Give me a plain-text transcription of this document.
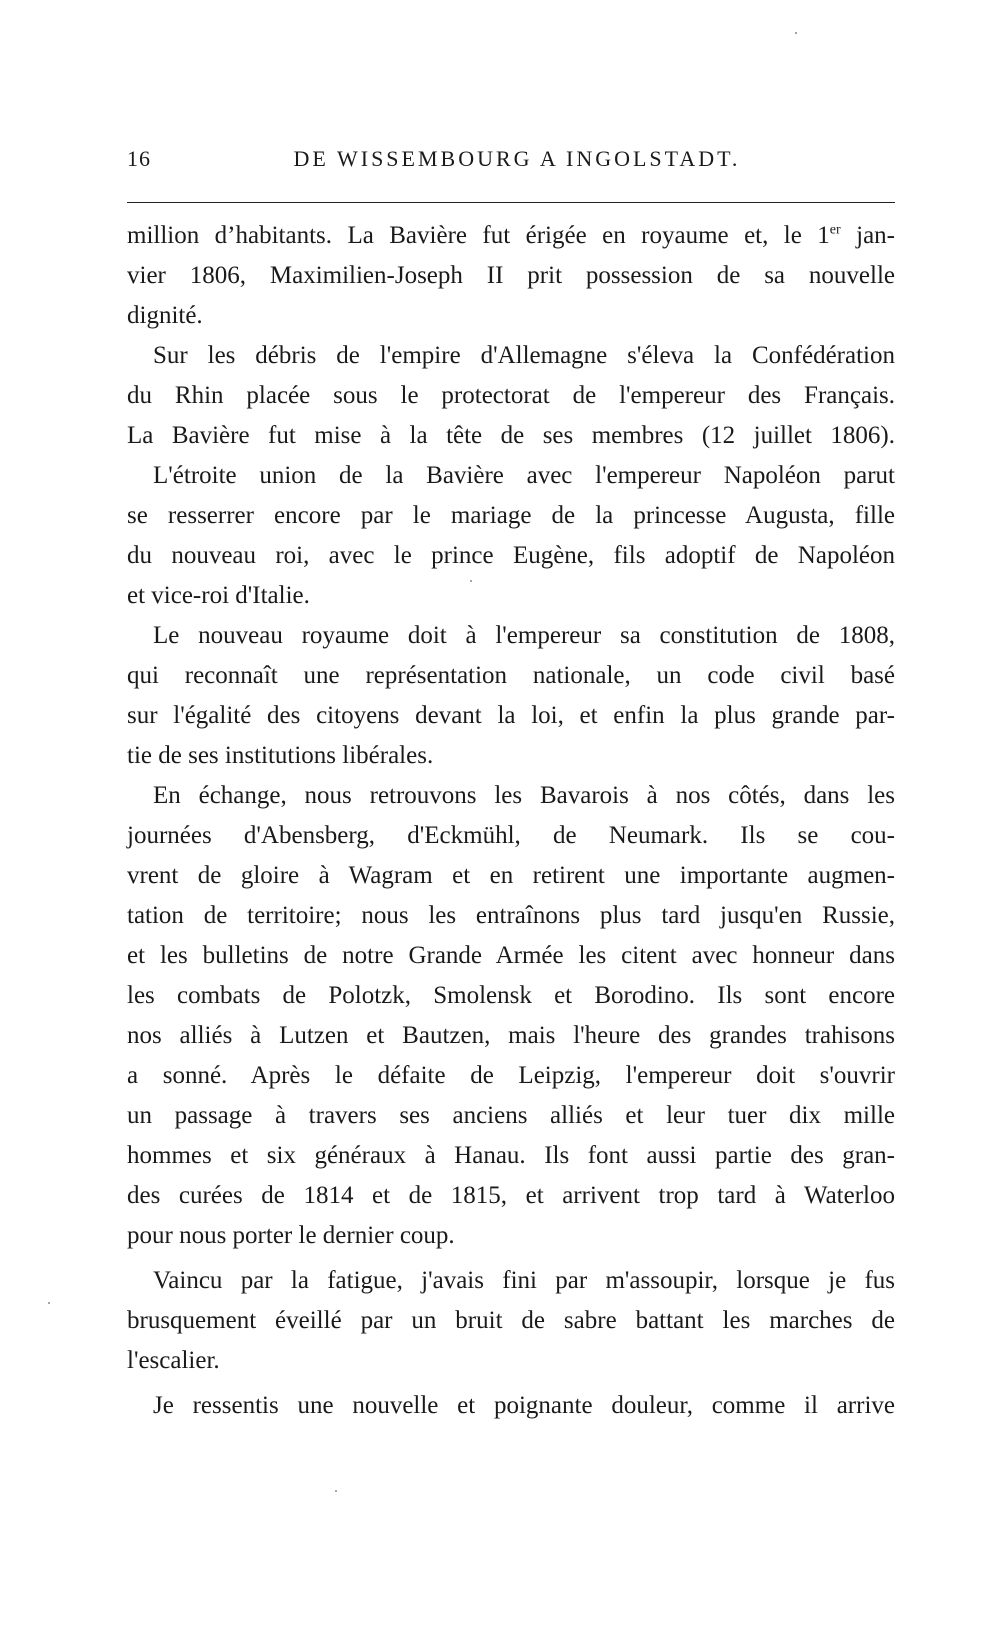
16	DE WISSEMBOURG A INGOLSTADT.
million d’habitants. La Bavière fut érigée en royaume et, le 1er jan-
vier 1806, Maximilien-Joseph II prit possession de sa nouvelle
dignité.
Sur les débris de l'empire d'Allemagne s'éleva la Confédération
du Rhin placée sous le protectorat de l'empereur des Français.
La Bavière fut mise à la tête de ses membres (12 juillet 1806).
L'étroite union de la Bavière avec l'empereur Napoléon parut
se resserrer encore par le mariage de la princesse Augusta, fille
du nouveau roi, avec le prince Eugène, fils adoptif de Napoléon
et vice-roi d'Italie.
Le nouveau royaume doit à l'empereur sa constitution de 1808,
qui reconnaît une représentation nationale, un code civil basé
sur l'égalité des citoyens devant la loi, et enfin la plus grande par-
tie de ses institutions libérales.
En échange, nous retrouvons les Bavarois à nos côtés, dans les
journées d'Abensberg, d'Eckmühl, de Neumark. Ils se cou-
vrent de gloire à Wagram et en retirent une importante augmen-
tation de territoire; nous les entraînons plus tard jusqu'en Russie,
et les bulletins de notre Grande Armée les citent avec honneur dans
les combats de Polotzk, Smolensk et Borodino. Ils sont encore
nos alliés à Lutzen et Bautzen, mais l'heure des grandes trahisons
a sonné. Après le défaite de Leipzig, l'empereur doit s'ouvrir
un passage à travers ses anciens alliés et leur tuer dix mille
hommes et six généraux à Hanau. Ils font aussi partie des gran-
des curées de 1814 et de 1815, et arrivent trop tard à Waterloo
pour nous porter le dernier coup.
Vaincu par la fatigue, j'avais fini par m'assoupir, lorsque je fus
brusquement éveillé par un bruit de sabre battant les marches de
l'escalier.
Je ressentis une nouvelle et poignante douleur, comme il arrive
